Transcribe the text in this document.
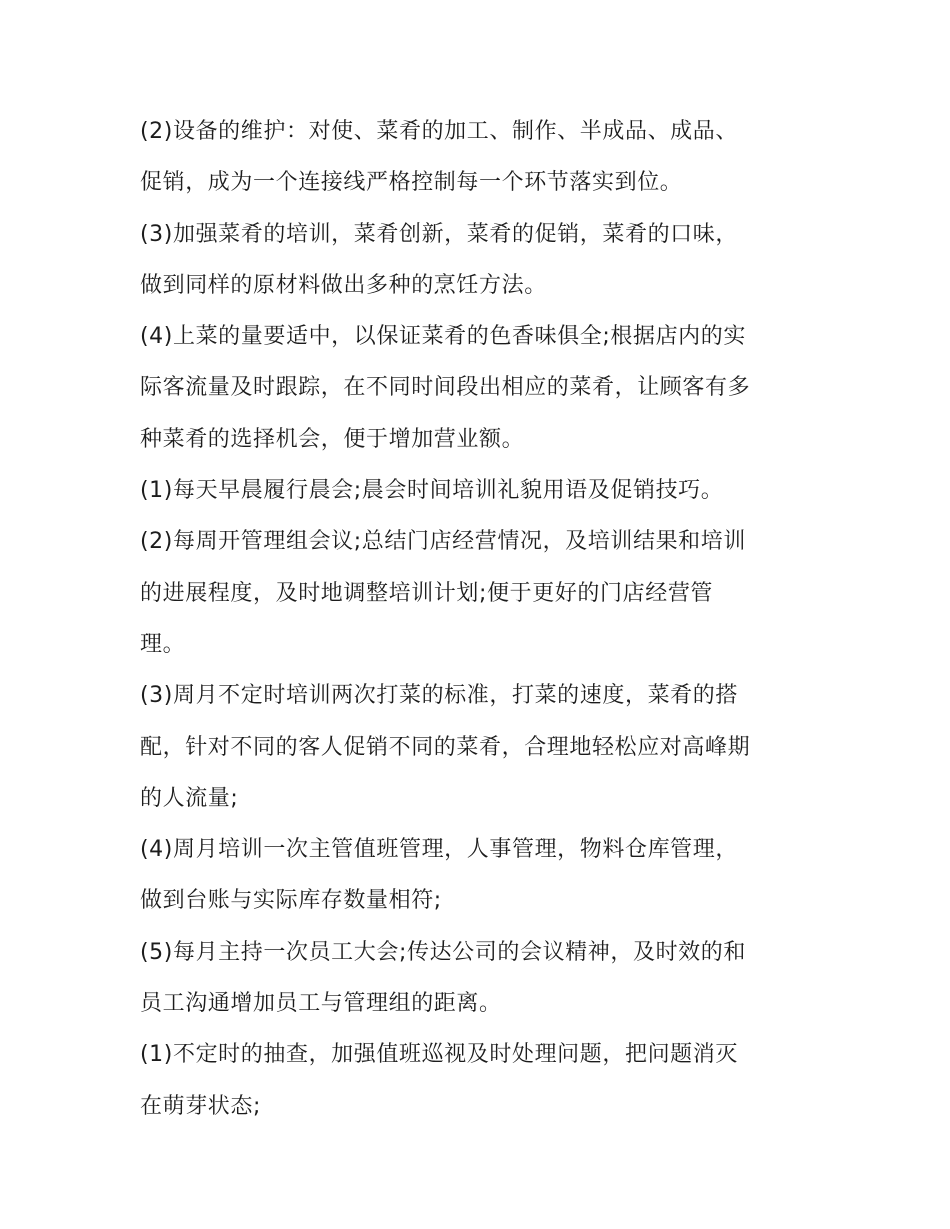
(2)设备的维护：对使、菜肴的加工、制作、半成品、成品、
促销，成为一个连接线严格控制每一个环节落实到位。
(3)加强菜肴的培训，菜肴创新，菜肴的促销，菜肴的口味，
做到同样的原材料做出多种的烹饪方法。
(4)上菜的量要适中，以保证菜肴的色香味俱全;根据店内的实
际客流量及时跟踪，在不同时间段出相应的菜肴，让顾客有多
种菜肴的选择机会，便于增加营业额。
(1)每天早晨履行晨会;晨会时间培训礼貌用语及促销技巧。
(2)每周开管理组会议;总结门店经营情况，及培训结果和培训
的进展程度，及时地调整培训计划;便于更好的门店经营管
理。
(3)周月不定时培训两次打菜的标准，打菜的速度，菜肴的搭
配，针对不同的客人促销不同的菜肴，合理地轻松应对高峰期
的人流量;
(4)周月培训一次主管值班管理，人事管理，物料仓库管理，
做到台账与实际库存数量相符;
(5)每月主持一次员工大会;传达公司的会议精神，及时效的和
员工沟通增加员工与管理组的距离。
(1)不定时的抽查，加强值班巡视及时处理问题，把问题消灭
在萌芽状态;
